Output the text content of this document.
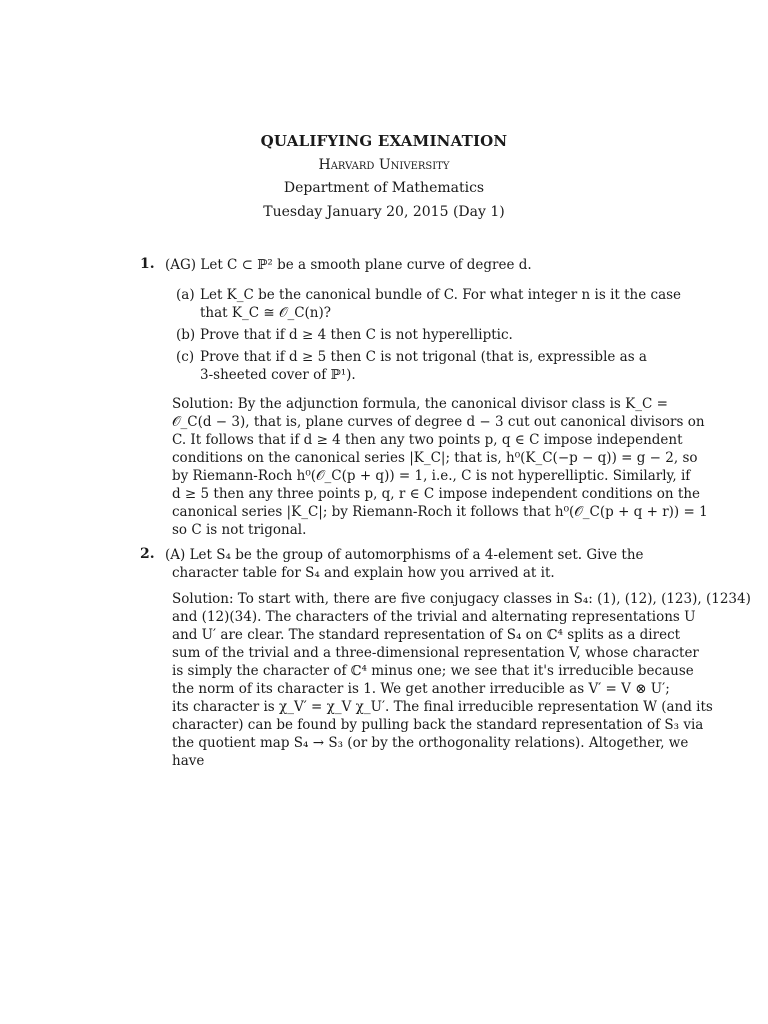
QUALIFYING EXAMINATION
Harvard University
Department of Mathematics
Tuesday January 20, 2015 (Day 1)
1. (AG) Let C ⊂ ℙ² be a smooth plane curve of degree d.
(a) Let K_C be the canonical bundle of C. For what integer n is it the case
that K_C ≅ 𝒪_C(n)?
(b) Prove that if d ≥ 4 then C is not hyperelliptic.
(c) Prove that if d ≥ 5 then C is not trigonal (that is, expressible as a
3-sheeted cover of ℙ¹).
Solution: By the adjunction formula, the canonical divisor class is K_C =
𝒪_C(d − 3), that is, plane curves of degree d − 3 cut out canonical divisors on
C. It follows that if d ≥ 4 then any two points p, q ∈ C impose independent
conditions on the canonical series |K_C|; that is, h⁰(K_C(−p − q)) = g − 2, so
by Riemann-Roch h⁰(𝒪_C(p + q)) = 1, i.e., C is not hyperelliptic. Similarly, if
d ≥ 5 then any three points p, q, r ∈ C impose independent conditions on the
canonical series |K_C|; by Riemann-Roch it follows that h⁰(𝒪_C(p + q + r)) = 1
so C is not trigonal.
2. (A) Let S₄ be the group of automorphisms of a 4-element set. Give the
character table for S₄ and explain how you arrived at it.
Solution: To start with, there are five conjugacy classes in S₄: (1), (12), (123), (1234)
and (12)(34). The characters of the trivial and alternating representations U
and U′ are clear. The standard representation of S₄ on ℂ⁴ splits as a direct
sum of the trivial and a three-dimensional representation V, whose character
is simply the character of ℂ⁴ minus one; we see that it's irreducible because
the norm of its character is 1. We get another irreducible as V′ = V ⊗ U′;
its character is χ_V′ = χ_V χ_U′. The final irreducible representation W (and its
character) can be found by pulling back the standard representation of S₃ via
the quotient map S₄ → S₃ (or by the orthogonality relations). Altogether, we
have
